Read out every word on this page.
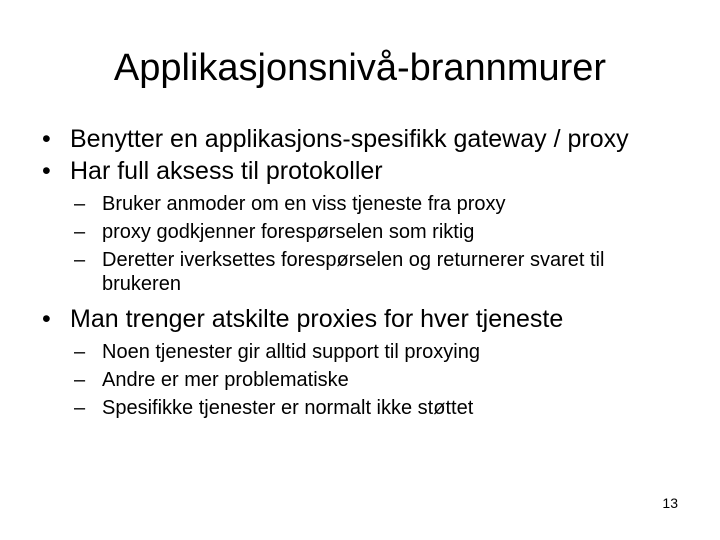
Applikasjonsnivå-brannmurer
• Benytter en applikasjons-spesifikk gateway / proxy
• Har full aksess til protokoller
– Bruker anmoder om en viss tjeneste fra proxy
– proxy godkjenner forespørselen som riktig
– Deretter iverksettes forespørselen og returnerer svaret til brukeren
• Man trenger atskilte proxies for hver tjeneste
– Noen tjenester gir alltid support til proxying
– Andre er mer problematiske
– Spesifikke tjenester er normalt ikke støttet
13
